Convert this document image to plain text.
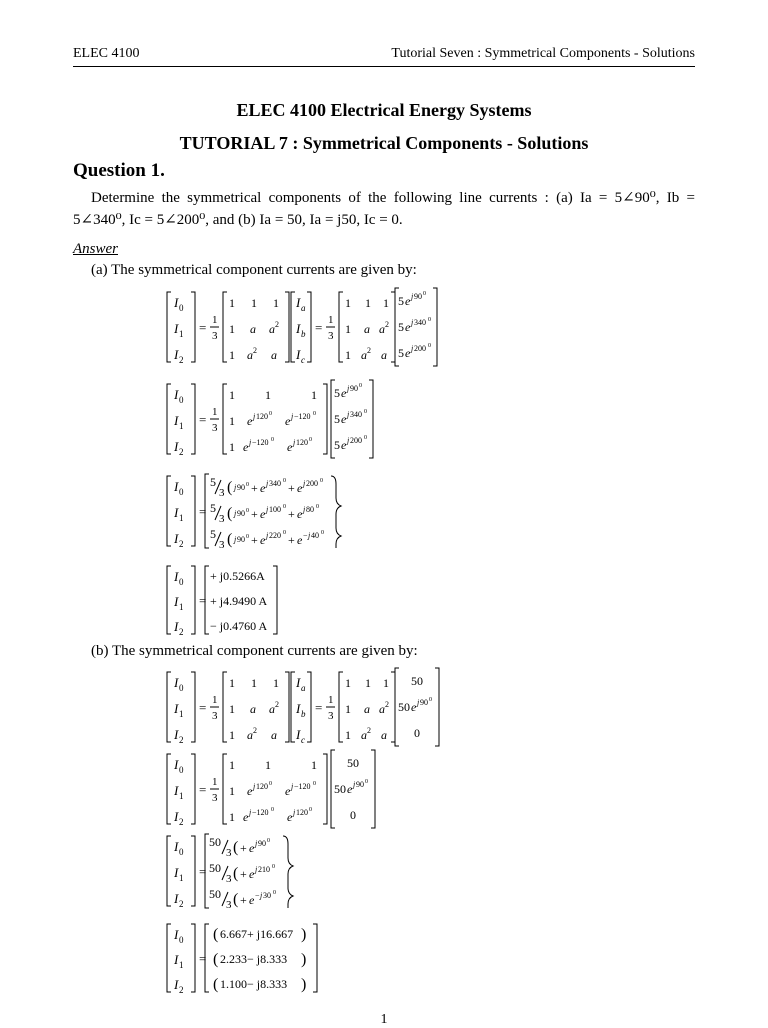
ELEC 4100	Tutorial Seven : Symmetrical Components - Solutions
ELEC 4100 Electrical Energy Systems
TUTORIAL 7 : Symmetrical Components - Solutions
Question 1.
Determine the symmetrical components of the following line currents : (a) Ia = 5∠90⁰, Ib = 5∠340⁰, Ic = 5∠200⁰, and (b) Ia = 50, Ia = j50, Ic = 0.
Answer
(a) The symmetrical component currents are given by:
I 0
I 1
I 2
= 1
3
1 1 1
1 a a 2
1 a 2 a
I a
I b
I c
= 1
3
1 1 1
1 a a 2
1 a 2 a
5 e j 90 0
5 e j 340 0
5 e j 200 0
I 0
I 1
I 2
= 1
3
1	1	1
1 e j 120 0 e j −120 0
1 e j −120 0 e j 120 0
5 e j 90 0
5 e j 340 0
5 e j 200 0
I 0
I 1
I 2
=
5
3 ( j 90 0 + e j 340 0 + e j 200 0
5
3 ( j 90 0 + e j 100 0 + e j 80 0
5
3 ( j 90 0 + e j 220 0 + e − j 40 0
I 0
I 1
I 2
=
+ j0.5266A
+ j4.9490 A
− j0.4760 A
(b) The symmetrical component currents are given by:
I 0
I 1
I 2
= 1
3
1 1 1
1 a a 2
1 a 2 a
I a
I b
I c
= 1
3
1 1 1
1 a a 2
1 a 2 a
50
50 e j 90 0
0
I 0
I 1
I 2
= 1
3
1	1	1
1 e j 120 0 e j −120 0
1 e j −120 0 e j 120 0
50
50 e j 90 0
0
I 0
I 1
I 2
=
50
3 ( + e j 90 0
50
3 ( + e j 210 0
50
3 ( + e − j 30 0
I 0
I 1
I 2
=
( 6.667+ j16.667 )
( 2.233− j8.333 )
( 1.100− j8.333 )
1
